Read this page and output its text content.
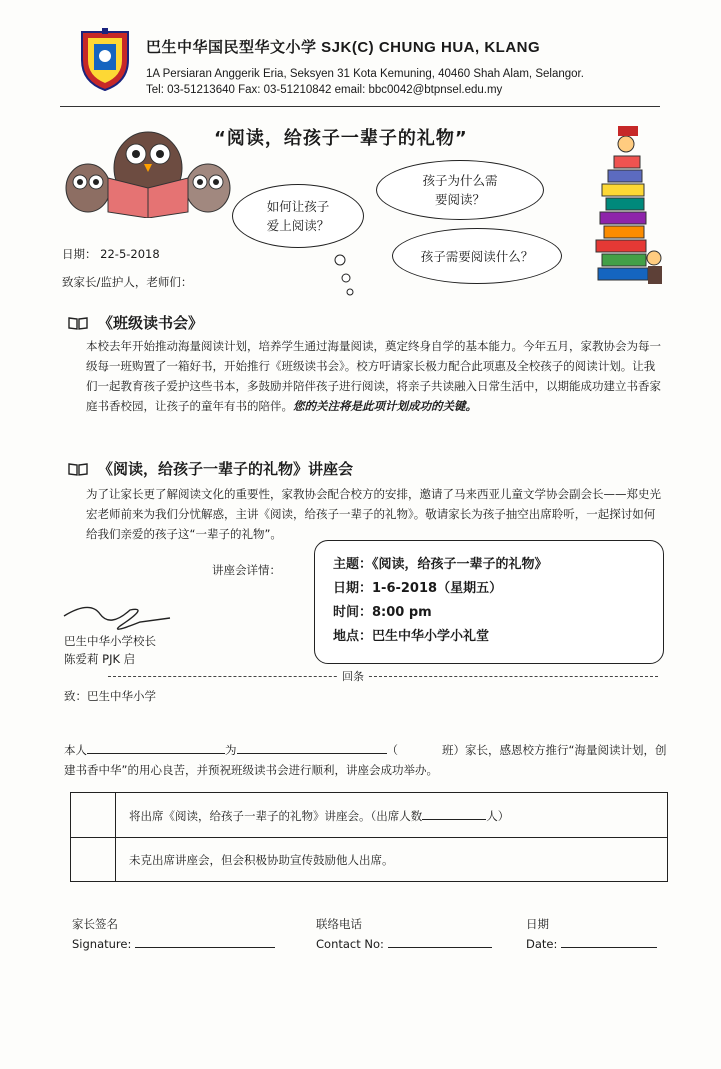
巴生中华国民型华文小学 SJK(C) CHUNG HUA, KLANG
1A Persiaran Anggerik Eria, Seksyen 31 Kota Kemuning, 40460 Shah Alam, Selangor.
Tel: 03-51213640 Fax: 03-51210842 email: bbc0042@btpnsel.edu.my
“阅读，给孩子一辈子的礼物”
如何让孩子
爱上阅读？
孩子为什么需
要阅读？
孩子需要阅读什么？
日期： 22-5-2018
致家长/监护人，老师们：
《班级读书会》
本校去年开始推动海量阅读计划，培养学生通过海量阅读，奠定终身自学的基本能力。今年五月，家教协会为每一级每一班购置了一箱好书，开始推行《班级读书会》。校方吁请家长极力配合此项惠及全校孩子的阅读计划。让我们一起教育孩子爱护这些书本，多鼓励并陪伴孩子进行阅读，将亲子共读融入日常生活中，以期能成功建立书香家庭书香校园，让孩子的童年有书的陪伴。您的关注将是此项计划成功的关键。
《阅读，给孩子一辈子的礼物》讲座会
为了让家长更了解阅读文化的重要性，家教协会配合校方的安排，邀请了马来西亚儿童文学协会副会长——郑史光宏老师前来为我们分忧解惑，主讲《阅读，给孩子一辈子的礼物》。敬请家长为孩子抽空出席聆听，一起探讨如何给我们亲爱的孩子这“一辈子的礼物”。
讲座会详情：	主题：《阅读，给孩子一辈子的礼物》
日期：1-6-2018（星期五）
时间：8:00 pm
地点：巴生中华小学小礼堂
巴生中华小学校长
陈爱莉 PJK 启
回条
致：巴生中华小学
本人	为	（	班）家长，感恩校方推行“海量阅读计划，创建书香中华”的用心良苦，并预祝班级读书会进行顺利，讲座会成功举办。
将出席《阅读，给孩子一辈子的礼物》讲座会。（出席人数	人）
未克出席讲座会，但会积极协助宣传鼓励他人出席。
家长签名
Signature:
联络电话
Contact No:
日期
Date:
